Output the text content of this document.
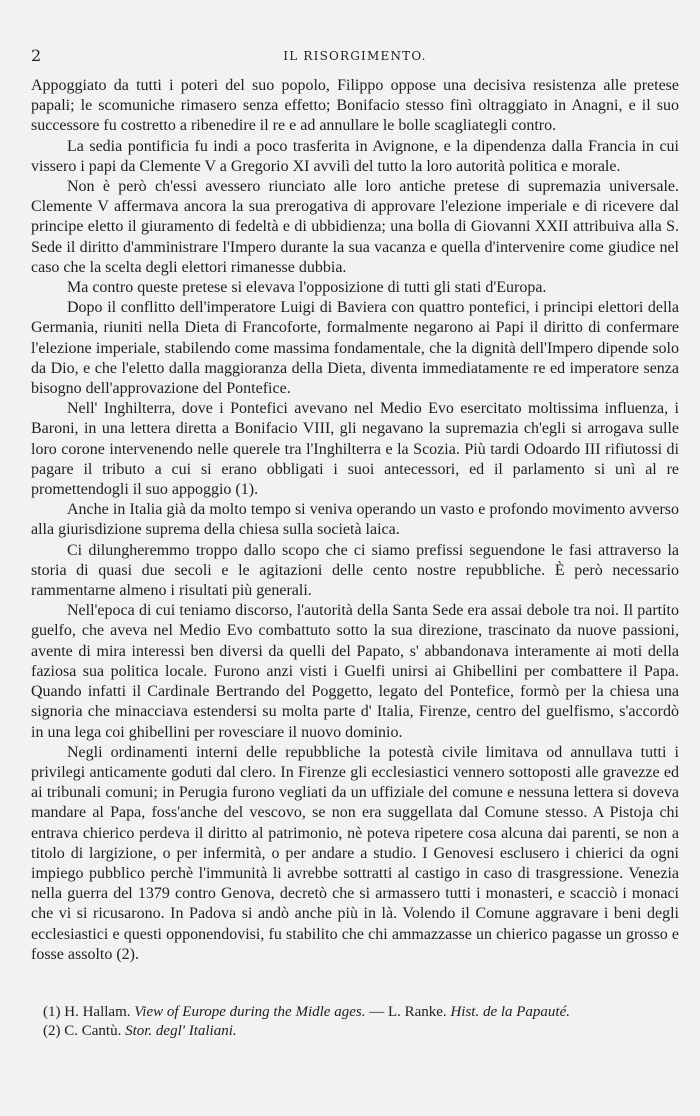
2	IL RISORGIMENTO.

Appoggiato da tutti i poteri del suo popolo, Filippo oppose una decisiva resistenza alle pretese papali; le scomuniche rimasero senza effetto; Bonifacio stesso finì oltraggiato in Anagni, e il suo successore fu costretto a ribenedire il re e ad annullare le bolle scagliategli contro.

La sedia pontificia fu indi a poco trasferita in Avignone, e la dipendenza dalla Francia in cui vissero i papi da Clemente V a Gregorio XI avvilì del tutto la loro autorità politica e morale.

Non è però ch'essi avessero riunciato alle loro antiche pretese di supremazia universale. Clemente V affermava ancora la sua prerogativa di approvare l'elezione imperiale e di ricevere dal principe eletto il giuramento di fedeltà e di ubbidienza; una bolla di Giovanni XXII attribuiva alla S. Sede il diritto d'amministrare l'Impero durante la sua vacanza e quella d'intervenire come giudice nel caso che la scelta degli elettori rimanesse dubbia.

Ma contro queste pretese si elevava l'opposizione di tutti gli stati d'Europa.

Dopo il conflitto dell'imperatore Luigi di Baviera con quattro pontefici, i principi elettori della Germania, riuniti nella Dieta di Francoforte, formalmente negarono ai Papi il diritto di confermare l'elezione imperiale, stabilendo come massima fondamentale, che la dignità dell'Impero dipende solo da Dio, e che l'eletto dalla maggioranza della Dieta, diventa immediatamente re ed imperatore senza bisogno dell'approvazione del Pontefice.

Nell' Inghilterra, dove i Pontefici avevano nel Medio Evo esercitato moltissima influenza, i Baroni, in una lettera diretta a Bonifacio VIII, gli negavano la supremazia ch'egli si arrogava sulle loro corone intervenendo nelle querele tra l'Inghilterra e la Scozia. Più tardi Odoardo III rifiutossi di pagare il tributo a cui si erano obbligati i suoi antecessori, ed il parlamento si unì al re promettendogli il suo appoggio (1).

Anche in Italia già da molto tempo si veniva operando un vasto e profondo movimento avverso alla giurisdizione suprema della chiesa sulla società laica.

Ci dilungheremmo troppo dallo scopo che ci siamo prefissi seguendone le fasi attraverso la storia di quasi due secoli e le agitazioni delle cento nostre repubbliche. È però necessario rammentarne almeno i risultati più generali.

Nell'epoca di cui teniamo discorso, l'autorità della Santa Sede era assai debole tra noi. Il partito guelfo, che aveva nel Medio Evo combattuto sotto la sua direzione, trascinato da nuove passioni, avente di mira interessi ben diversi da quelli del Papato, s' abbandonava interamente ai moti della faziosa sua politica locale. Furono anzi visti i Guelfi unirsi ai Ghibellini per combattere il Papa. Quando infatti il Cardinale Bertrando del Poggetto, legato del Pontefice, formò per la chiesa una signoria che minacciava estendersi su molta parte d' Italia, Firenze, centro del guelfismo, s'accordò in una lega coi ghibellini per rovesciare il nuovo dominio.

Negli ordinamenti interni delle repubbliche la potestà civile limitava od annullava tutti i privilegi anticamente goduti dal clero. In Firenze gli ecclesiastici vennero sottoposti alle gravezze ed ai tribunali comuni; in Perugia furono vegliati da un uffiziale del comune e nessuna lettera si doveva mandare al Papa, foss'anche del vescovo, se non era suggellata dal Comune stesso. A Pistoja chi entrava chierico perdeva il diritto al patrimonio, nè poteva ripetere cosa alcuna dai parenti, se non a titolo di largizione, o per infermità, o per andare a studio. I Genovesi esclusero i chierici da ogni impiego pubblico perchè l'immunità li avrebbe sottratti al castigo in caso di trasgressione. Venezia nella guerra del 1379 contro Genova, decretò che si armassero tutti i monasteri, e scacciò i monaci che vi si ricusarono. In Padova si andò anche più in là. Volendo il Comune aggravare i beni degli ecclesiastici e questi opponendovisi, fu stabilito che chi ammazzasse un chierico pagasse un grosso e fosse assolto (2).

(1) H. Hallam. View of Europe during the Midle ages. — L. Ranke. Hist. de la Papauté.

(2) C. Cantù. Stor. degl' Italiani.
